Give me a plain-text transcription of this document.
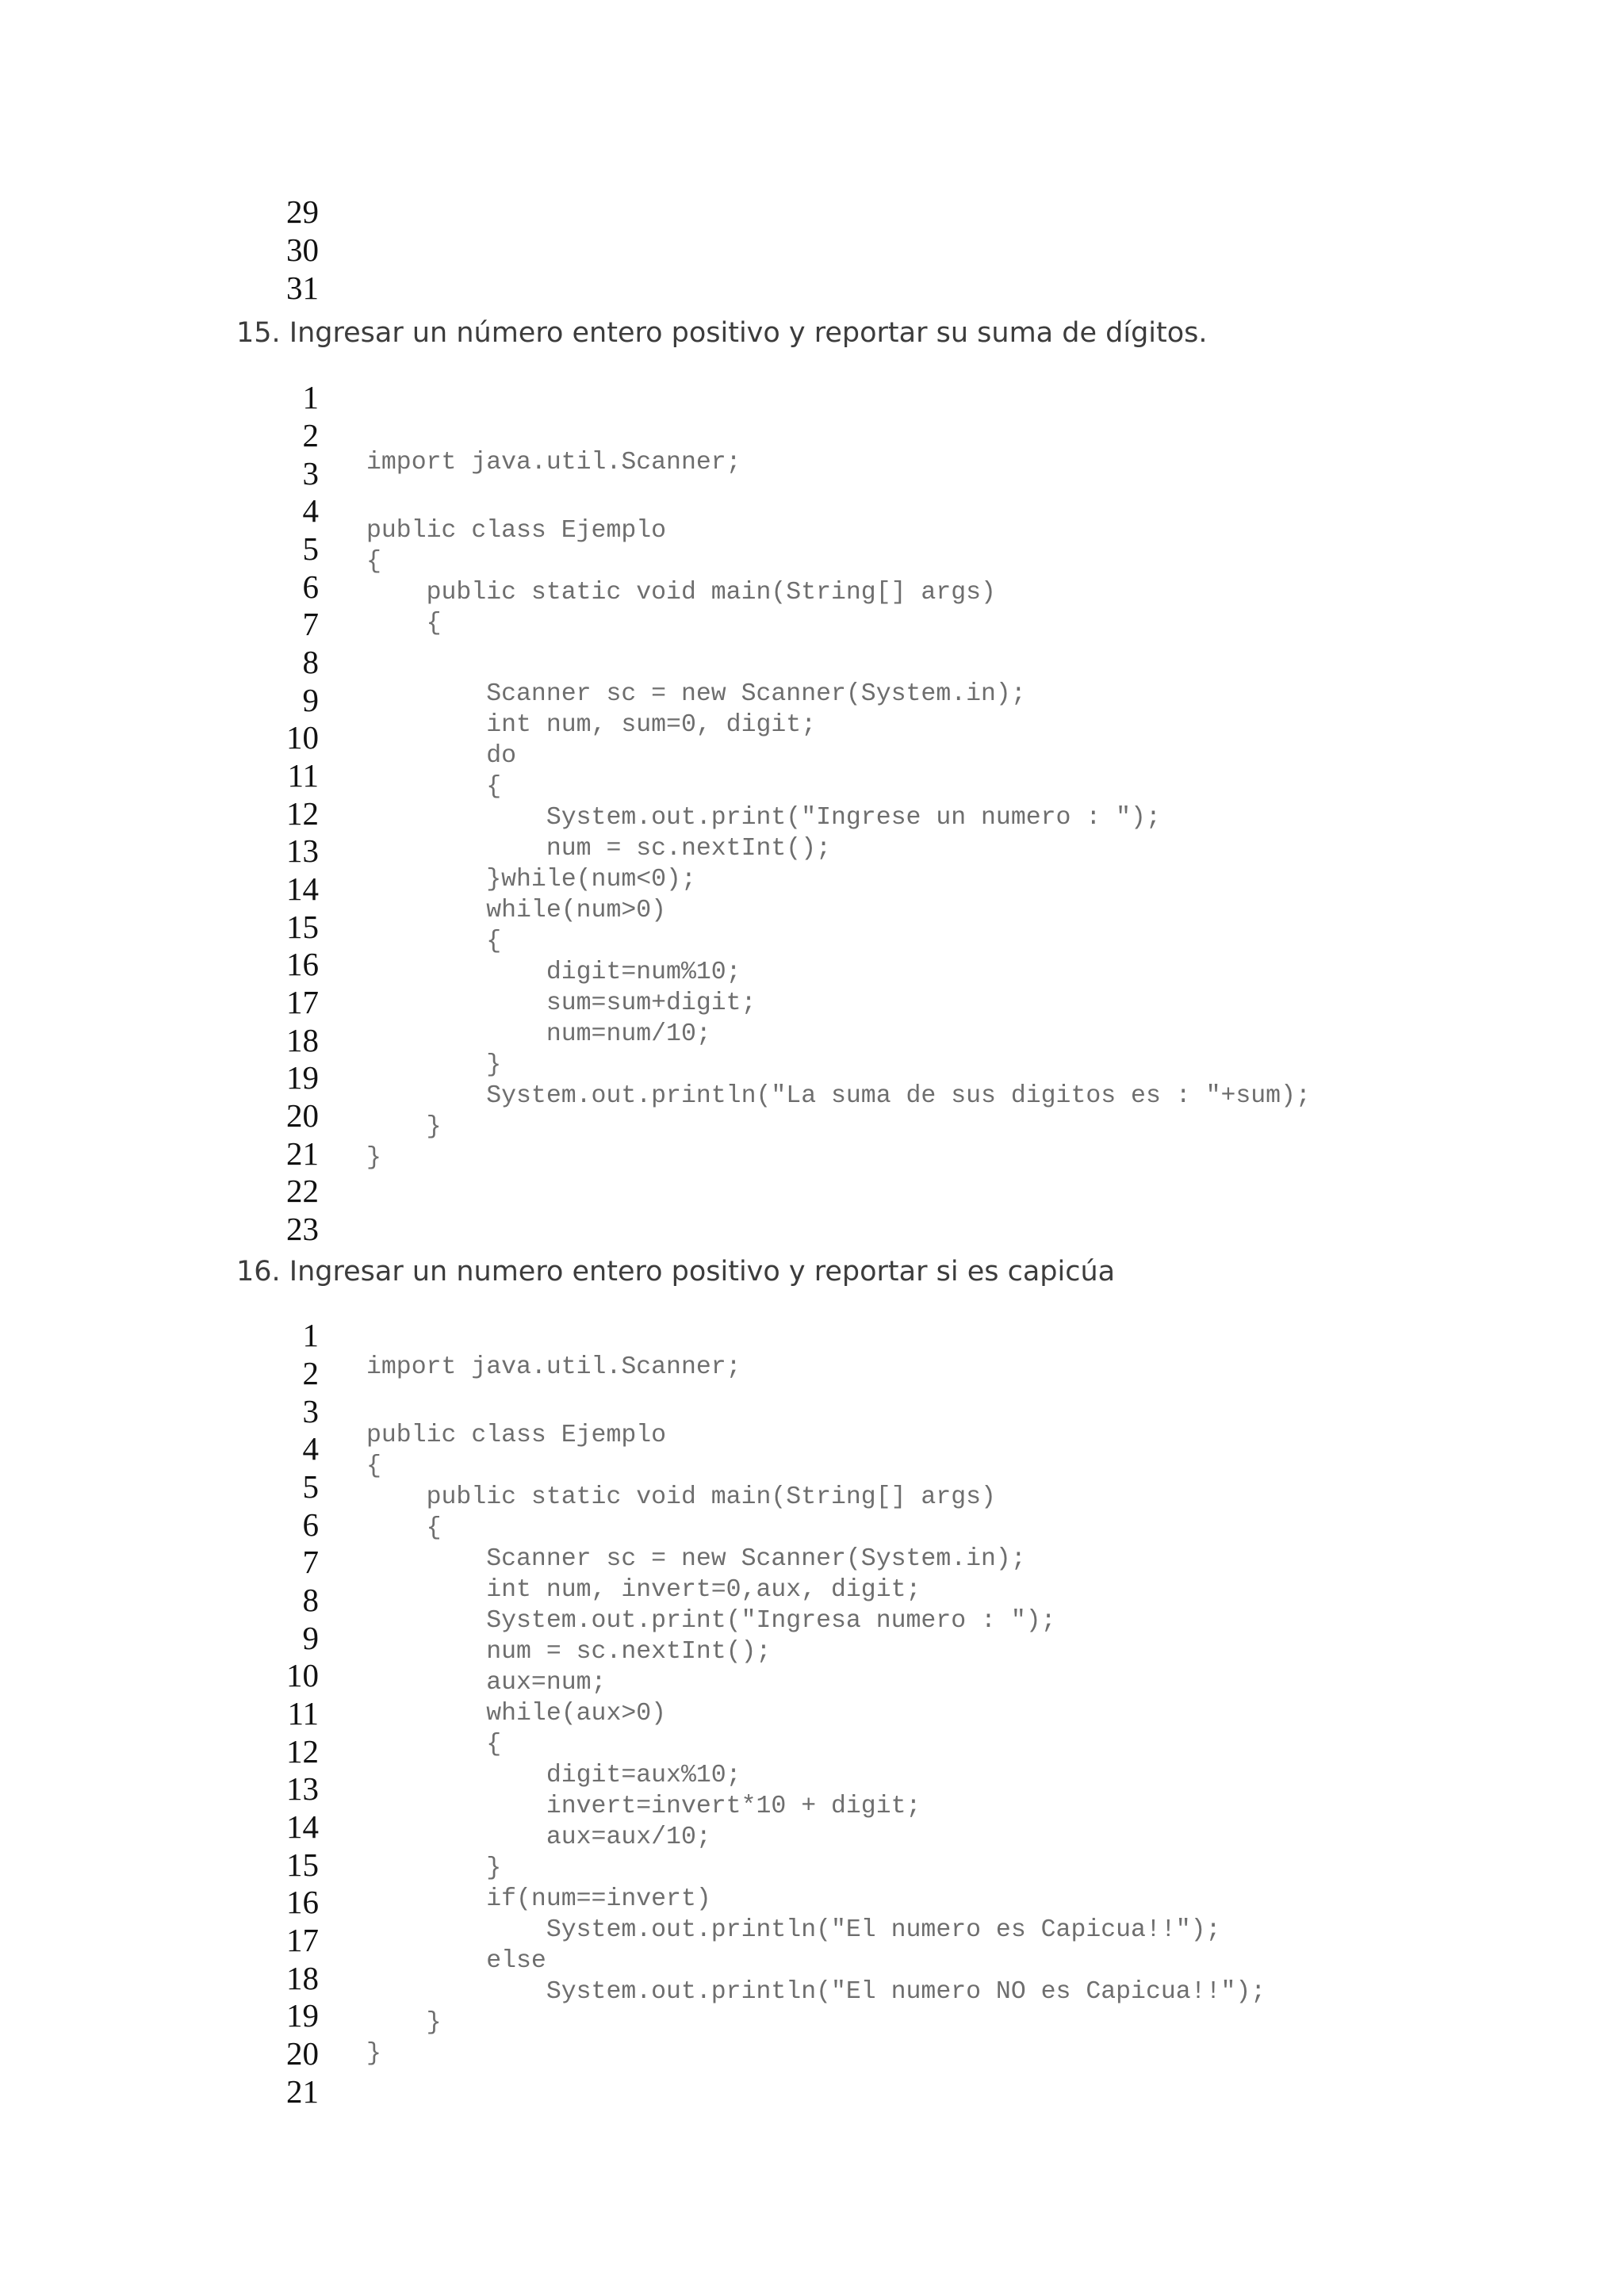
29
30
31
15. Ingresar un número entero positivo y reportar su suma de dígitos.
1
2
3
4
5
6
7
8
9
10
11
12
13
14
15
16
17
18
19
20
21
22
23
import java.util.Scanner;
public class Ejemplo
{
public static void main(String[] args)
{
Scanner sc = new Scanner(System.in);
int num, sum=0, digit;
do
{
System.out.print("Ingrese un numero : ");
num = sc.nextInt();
}while(num<0);
while(num>0)
{
digit=num%10;
sum=sum+digit;
num=num/10;
}
System.out.println("La suma de sus digitos es : "+sum);
}
}
16. Ingresar un numero entero positivo y reportar si es capicúa
1
2
3
4
5
6
7
8
9
10
11
12
13
14
15
16
17
18
19
20
21
import java.util.Scanner;
public class Ejemplo
{
public static void main(String[] args)
{
Scanner sc = new Scanner(System.in);
int num, invert=0,aux, digit;
System.out.print("Ingresa numero : ");
num = sc.nextInt();
aux=num;
while(aux>0)
{
digit=aux%10;
invert=invert*10 + digit;
aux=aux/10;
}
if(num==invert)
System.out.println("El numero es Capicua!!");
else
System.out.println("El numero NO es Capicua!!");
}
}
